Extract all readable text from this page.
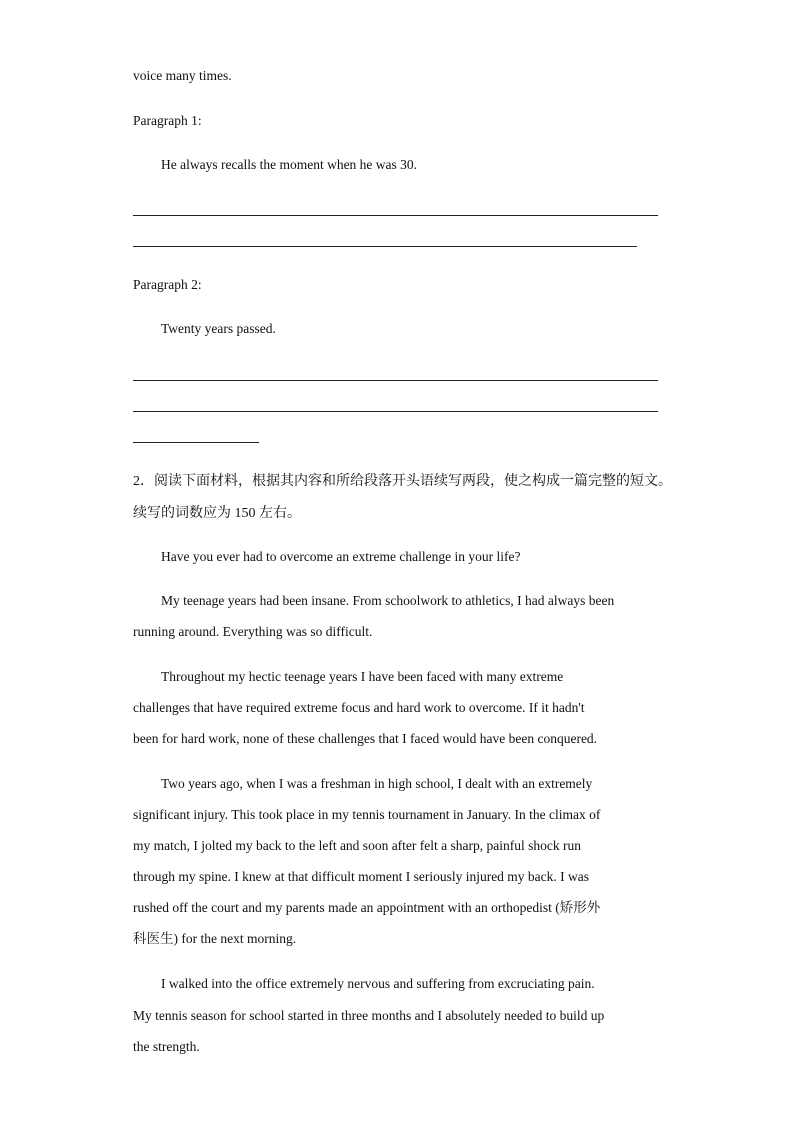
voice many times.
Paragraph 1:
He always recalls the moment when he was 30.
Paragraph 2:
Twenty years passed.
2．阅读下面材料，根据其内容和所给段落开头语续写两段，使之构成一篇完整的短文。
续写的词数应为 150 左右。
Have you ever had to overcome an extreme challenge in your life?
My teenage years had been insane. From schoolwork to athletics, I had always been
running around. Everything was so difficult.
Throughout my hectic teenage years I have been faced with many extreme
challenges that have required extreme focus and hard work to overcome. If it hadn't
been for hard work, none of these challenges that I faced would have been conquered.
Two years ago, when I was a freshman in high school, I dealt with an extremely
significant injury. This took place in my tennis tournament in January. In the climax of
my match, I jolted my back to the left and soon after felt a sharp, painful shock run
through my spine. I knew at that difficult moment I seriously injured my back. I was
rushed off the court and my parents made an appointment with an orthopedist (矫形外
科医生) for the next morning.
I walked into the office extremely nervous and suffering from excruciating pain.
My tennis season for school started in three months and I absolutely needed to build up
the strength.
